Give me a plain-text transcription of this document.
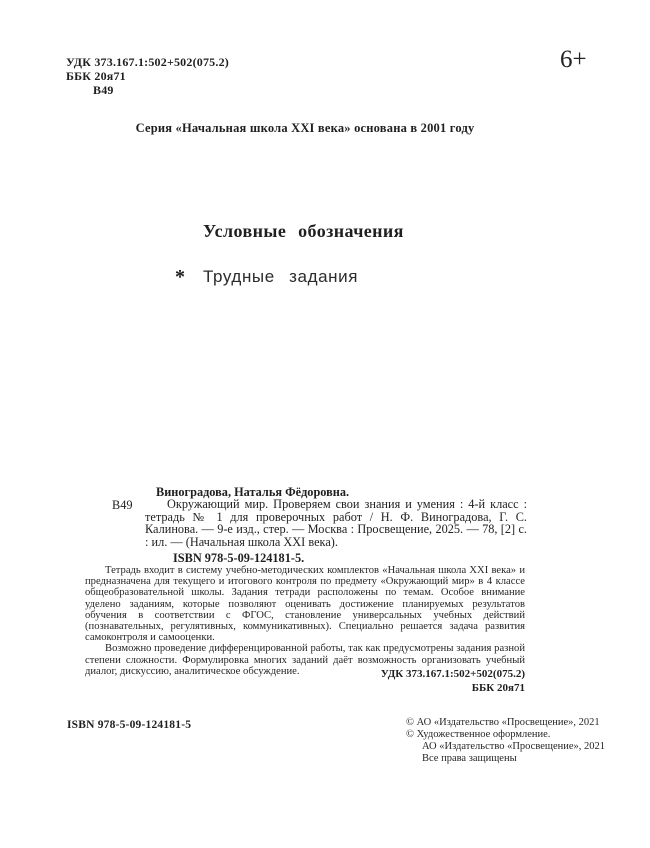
УДК 373.167.1:502+502(075.2)
ББК 20я71
В49
6+
Серия «Начальная школа XXI века» основана в 2001 году
Условные обозначения
* Трудные задания
Виноградова, Наталья Фёдоровна.
В49	Окружающий мир. Проверяем свои знания и умения : 4-й класс : тетрадь № 1 для проверочных работ / Н. Ф. Виноградова, Г. С. Калинова. — 9-е изд., стер. — Москва : Просвещение, 2025. — 78, [2] с. : ил. — (Начальная школа XXI века).
ISBN 978-5-09-124181-5.

Тетрадь входит в систему учебно-методических комплектов «Начальная школа XXI века» и предназначена для текущего и итогового контроля по предмету «Окружающий мир» в 4 классе общеобразовательной школы. Задания тетради расположены по темам. Особое внимание уделено заданиям, которые позволяют оценивать достижение планируемых результатов обучения в соответствии с ФГОС, становление универсальных учебных действий (познавательных, регулятивных, коммуникативных). Специально решается задача развития самоконтроля и самооценки.

Возможно проведение дифференцированной работы, так как предусмотрены задания разной степени сложности. Формулировка многих заданий даёт возможность организовать учебный диалог, дискуссию, аналитическое обсуждение.	УДК 373.167.1:502+502(075.2)
ББК 20я71
ISBN 978-5-09-124181-5	© АО «Издательство «Просвещение», 2021
© Художественное оформление.
АО «Издательство «Просвещение», 2021
Все права защищены
